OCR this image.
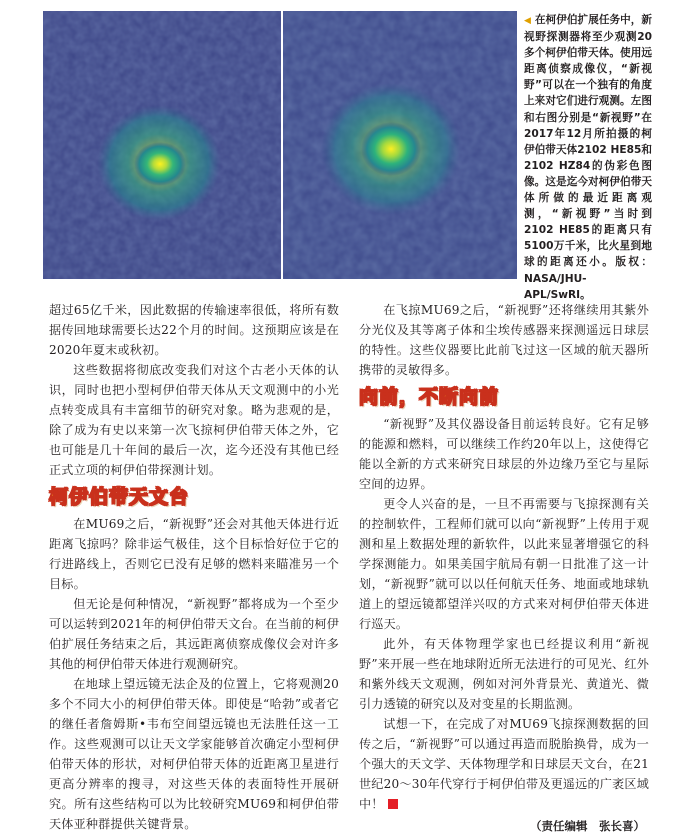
◀ 在柯伊伯扩展任务中，新视野探测器将至少观测20多个柯伊伯带天体。使用远距离侦察成像仪，“新视野”可以在一个独有的角度上来对它们进行观测。左图和右图分别是“新视野”在2017年12月所拍摄的柯伊伯带天体2102 HE85和2102 HZ84的伪彩色图像。这是迄今对柯伊伯带天体所做的最近距离观测，“新视野”当时到2102 HE85的距离只有5100万千米，比火星到地球的距离还小。版权：NASA/JHU-APL/SwRI。

超过65亿千米，因此数据的传输速率很低，将所有数据传回地球需要长达22个月的时间。这预期应该是在2020年夏末或秋初。

这些数据将彻底改变我们对这个古老小天体的认识，同时也把小型柯伊伯带天体从天文观测中的小光点转变成具有丰富细节的研究对象。略为悲观的是，除了成为有史以来第一次飞掠柯伊伯带天体之外，它也可能是几十年间的最后一次，迄今还没有其他已经正式立项的柯伊伯带探测计划。

柯伊伯带天文台

在MU69之后，“新视野”还会对其他天体进行近距离飞掠吗？除非运气极佳，这个目标恰好位于它的行进路线上，否则它已没有足够的燃料来瞄准另一个目标。

但无论是何种情况，“新视野”都将成为一个至少可以运转到2021年的柯伊伯带天文台。在当前的柯伊伯扩展任务结束之后，其远距离侦察成像仪会对许多其他的柯伊伯带天体进行观测研究。

在地球上望远镜无法企及的位置上，它将观测20多个不同大小的柯伊伯带天体。即使是“哈勃”或者它的继任者詹姆斯•韦布空间望远镜也无法胜任这一工作。这些观测可以让天文学家能够首次确定小型柯伊伯带天体的形状，对柯伊伯带天体的近距离卫星进行更高分辨率的搜寻，对这些天体的表面特性开展研究。所有这些结构可以为比较研究MU69和柯伊伯带天体亚种群提供关键背景。

在飞掠MU69之后，“新视野”还将继续用其紫外分光仪及其等离子体和尘埃传感器来探测遥远日球层的特性。这些仪器要比此前飞过这一区域的航天器所携带的灵敏得多。

向前，不断向前

“新视野”及其仪器设备目前运转良好。它有足够的能源和燃料，可以继续工作约20年以上，这使得它能以全新的方式来研究日球层的外边缘乃至它与星际空间的边界。

更令人兴奋的是，一旦不再需要与飞掠探测有关的控制软件，工程师们就可以向“新视野”上传用于观测和星上数据处理的新软件，以此来显著增强它的科学探测能力。如果美国宇航局有朝一日批准了这一计划，“新视野”就可以以任何航天任务、地面或地球轨道上的望远镜都望洋兴叹的方式来对柯伊伯带天体进行巡天。

此外，有天体物理学家也已经提议利用“新视野”来开展一些在地球附近所无法进行的可见光、红外和紫外线天文观测，例如对河外背景光、黄道光、微引力透镜的研究以及对变星的长期监测。

试想一下，在完成了对MU69飞掠探测数据的回传之后，“新视野”可以通过再造而脱胎换骨，成为一个强大的天文学、天体物理学和日球层天文台，在21世纪20～30年代穿行于柯伊伯带及更遥远的广袤区域中！

（责任编辑　张长喜）
